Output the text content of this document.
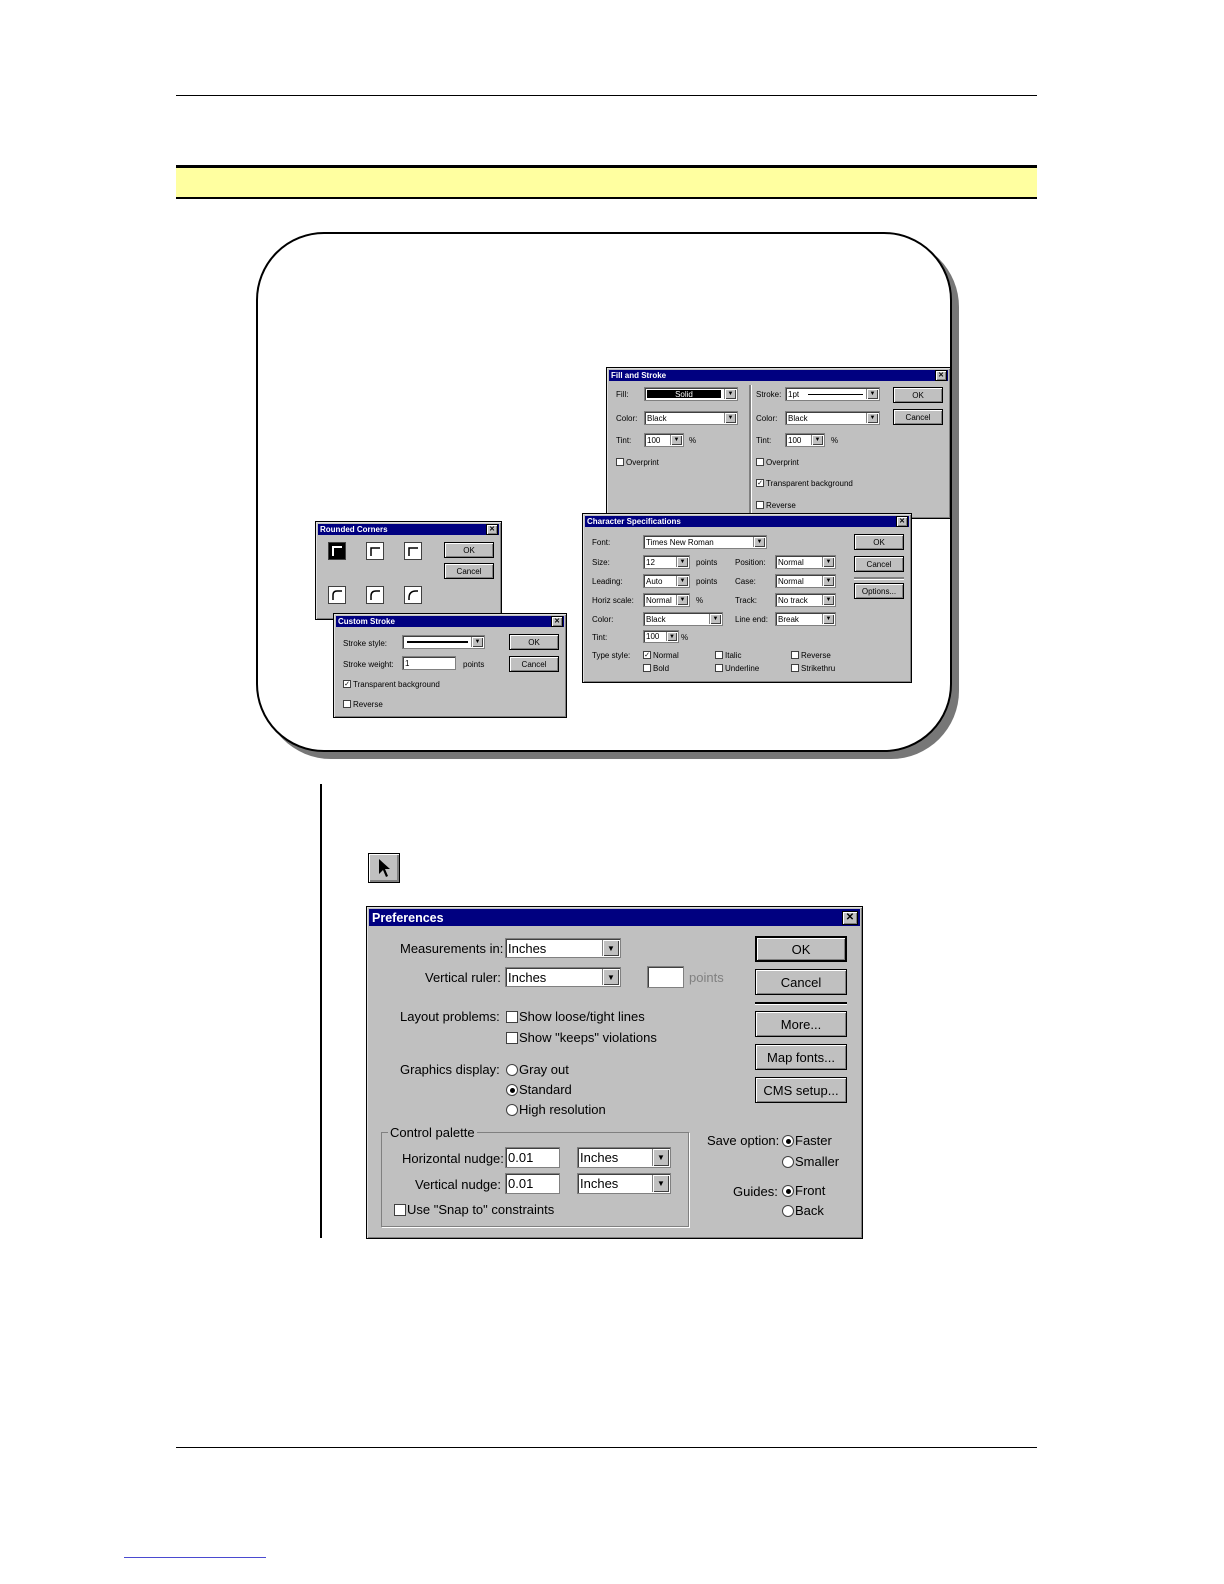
Fill and Stroke	✕
Fill:	Solid	▼
Color: Black	▼
Tint: 100	▼	%
Overprint
Stroke: 1pt	▼
Color: Black	▼
Tint: 100	▼	%
Overprint
✓ Transparent background
Reverse
OK
Cancel
Rounded Corners	✕
OK
Cancel
Character Specifications	✕
Font:	Times New Roman	▼
Size:	12	▼	points
Leading:	Auto	▼	points
Horiz scale: Normal	▼	%
Color:	Black	▼
Tint:	100	▼ %
Position: Normal	▼
Case:	Normal	▼
Track:	No track	▼
Line end: Break	▼
Type style: ✓ Normal	Italic	Reverse
Bold	Underline	Strikethru
OK
Cancel
Options...
Custom Stroke	✕
Stroke style:	▼
Stroke weight:	1	points
✓ Transparent background
Reverse
OK
Cancel
Preferences	✕
Measurements in: Inches	▼
Vertical ruler: Inches	▼	points
Layout problems: Show loose/tight lines
Show "keeps" violations
Graphics display: Gray out
Standard
High resolution
Control palette
Horizontal nudge: 0.01	Inches	▼
Vertical nudge: 0.01	Inches	▼
Use "Snap to" constraints
Save option: Faster
Smaller
Guides: Front
Back
OK
Cancel
More...
Map fonts...
CMS setup...
